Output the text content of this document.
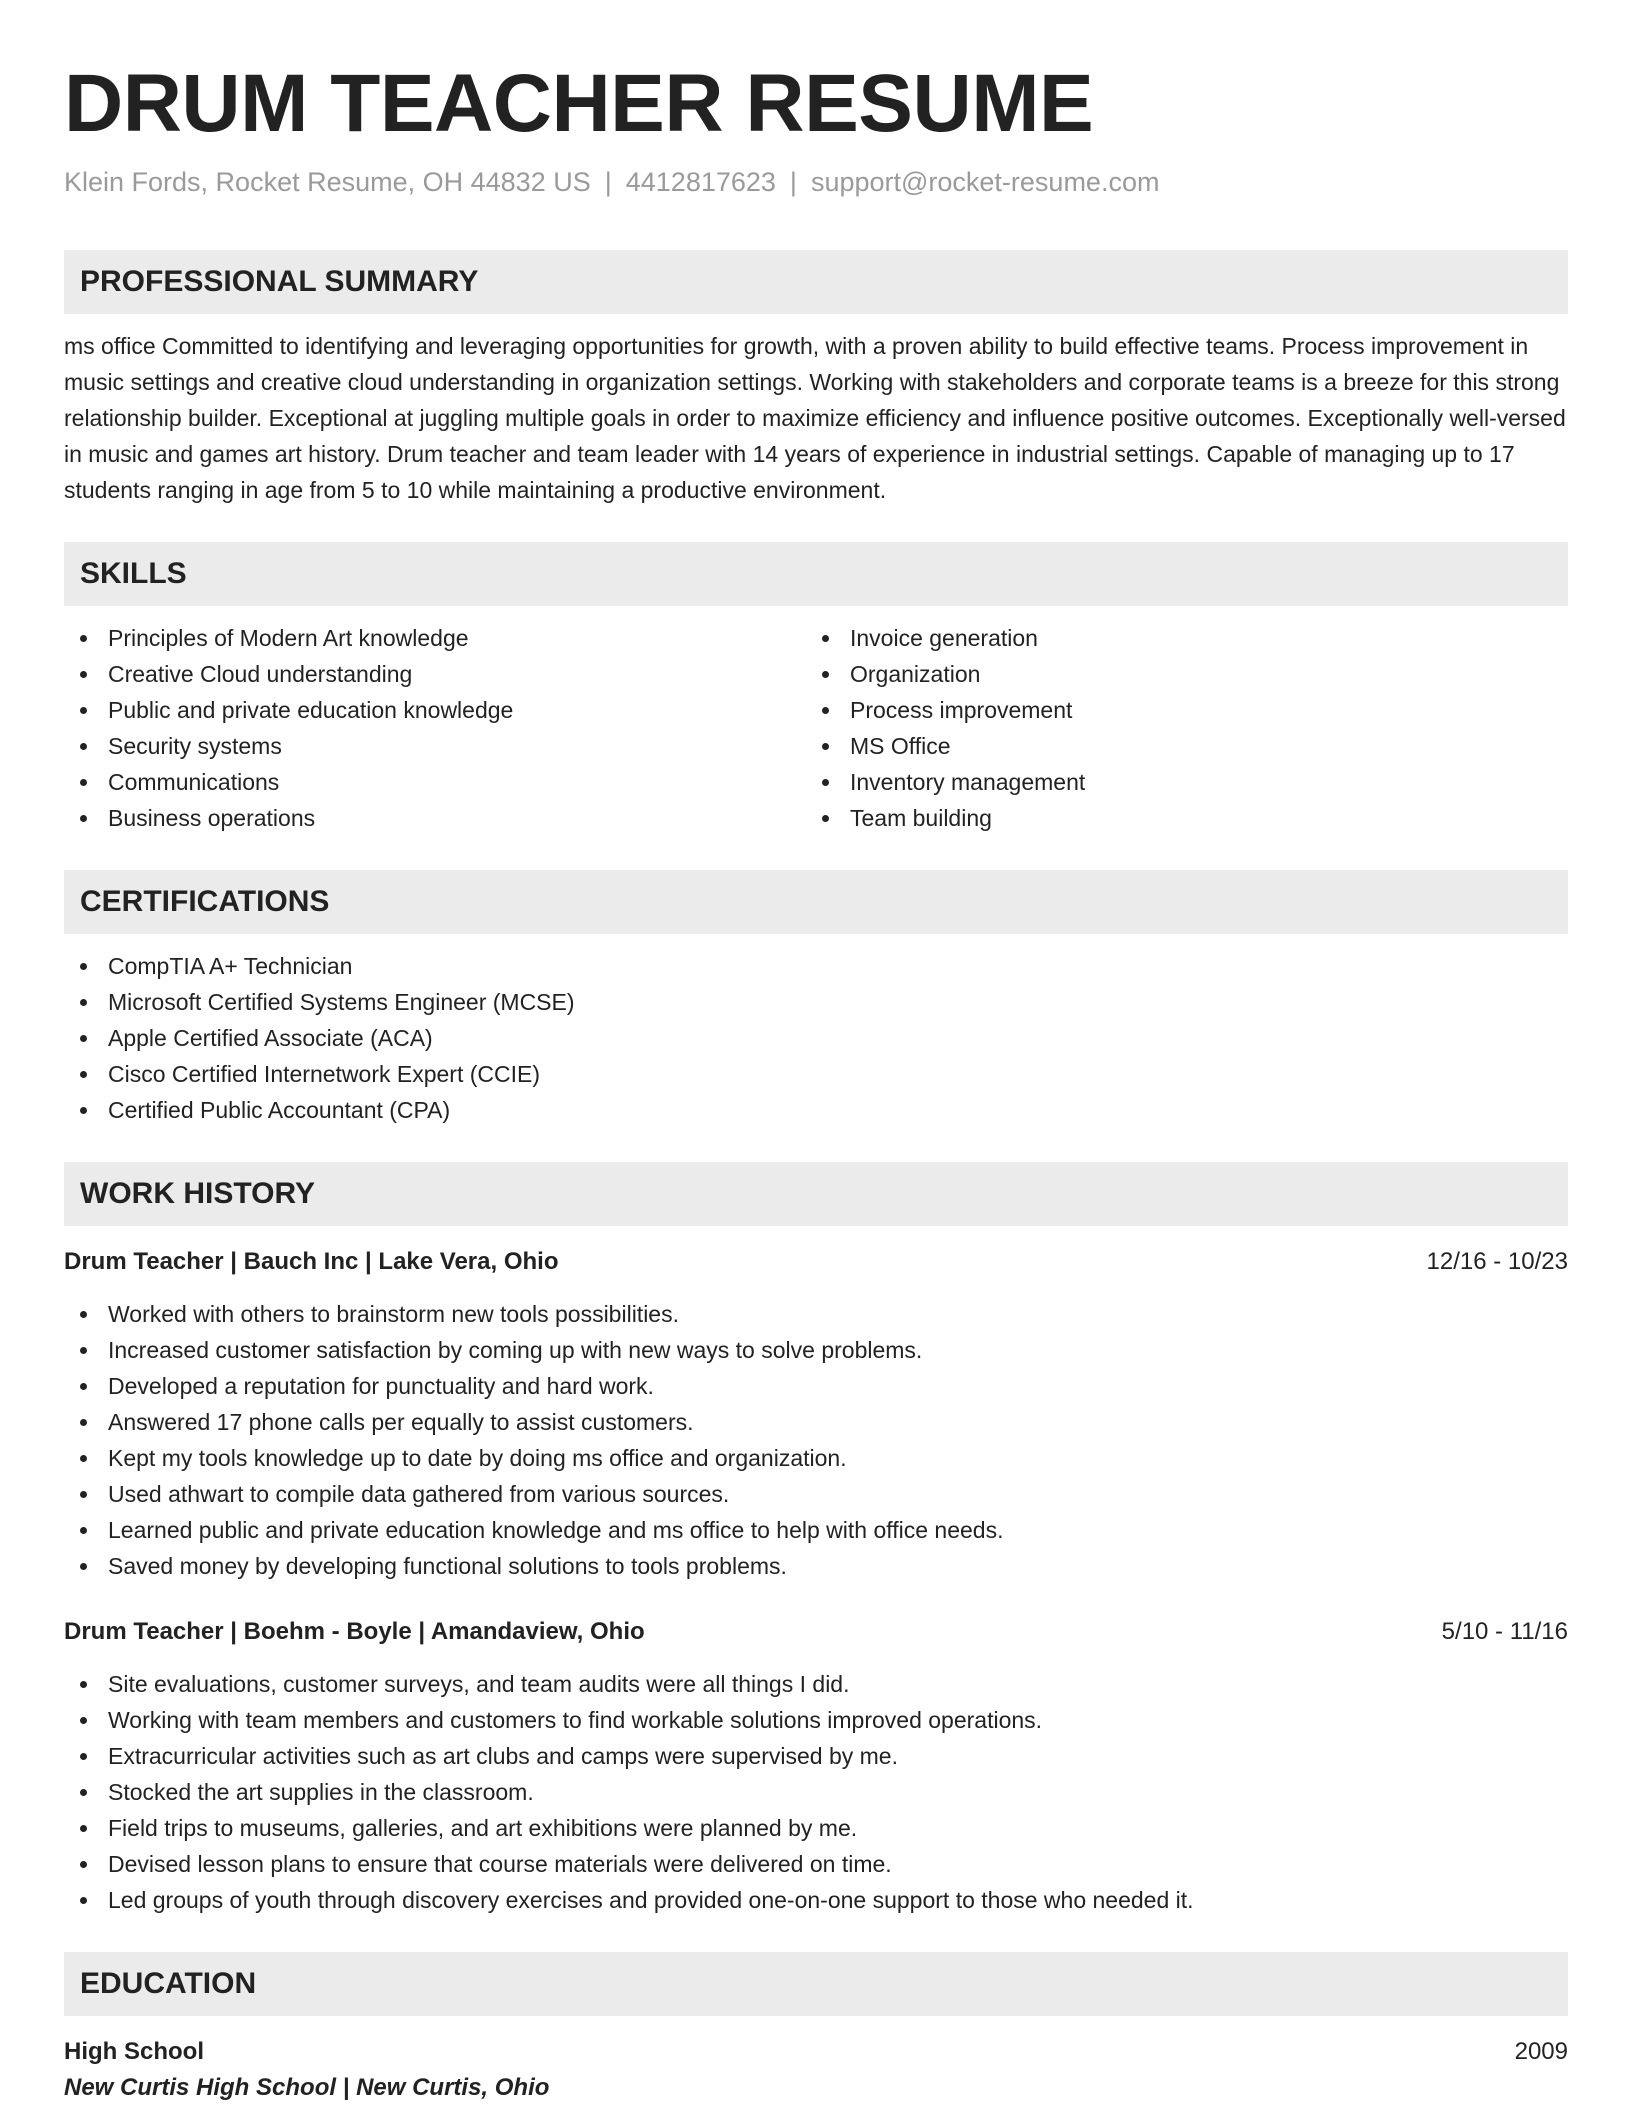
DRUM TEACHER RESUME
Klein Fords, Rocket Resume, OH 44832 US | 4412817623 | support@rocket-resume.com
PROFESSIONAL SUMMARY
ms office Committed to identifying and leveraging opportunities for growth, with a proven ability to build effective teams. Process improvement in music settings and creative cloud understanding in organization settings. Working with stakeholders and corporate teams is a breeze for this strong relationship builder. Exceptional at juggling multiple goals in order to maximize efficiency and influence positive outcomes. Exceptionally well-versed in music and games art history. Drum teacher and team leader with 14 years of experience in industrial settings. Capable of managing up to 17 students ranging in age from 5 to 10 while maintaining a productive environment.
SKILLS
Principles of Modern Art knowledge
Creative Cloud understanding
Public and private education knowledge
Security systems
Communications
Business operations
Invoice generation
Organization
Process improvement
MS Office
Inventory management
Team building
CERTIFICATIONS
CompTIA A+ Technician
Microsoft Certified Systems Engineer (MCSE)
Apple Certified Associate (ACA)
Cisco Certified Internetwork Expert (CCIE)
Certified Public Accountant (CPA)
WORK HISTORY
Drum Teacher | Bauch Inc | Lake Vera, Ohio	12/16 - 10/23
Worked with others to brainstorm new tools possibilities.
Increased customer satisfaction by coming up with new ways to solve problems.
Developed a reputation for punctuality and hard work.
Answered 17 phone calls per equally to assist customers.
Kept my tools knowledge up to date by doing ms office and organization.
Used athwart to compile data gathered from various sources.
Learned public and private education knowledge and ms office to help with office needs.
Saved money by developing functional solutions to tools problems.
Drum Teacher | Boehm - Boyle | Amandaview, Ohio	5/10 - 11/16
Site evaluations, customer surveys, and team audits were all things I did.
Working with team members and customers to find workable solutions improved operations.
Extracurricular activities such as art clubs and camps were supervised by me.
Stocked the art supplies in the classroom.
Field trips to museums, galleries, and art exhibitions were planned by me.
Devised lesson plans to ensure that course materials were delivered on time.
Led groups of youth through discovery exercises and provided one-on-one support to those who needed it.
EDUCATION
High School	2009
New Curtis High School | New Curtis, Ohio
